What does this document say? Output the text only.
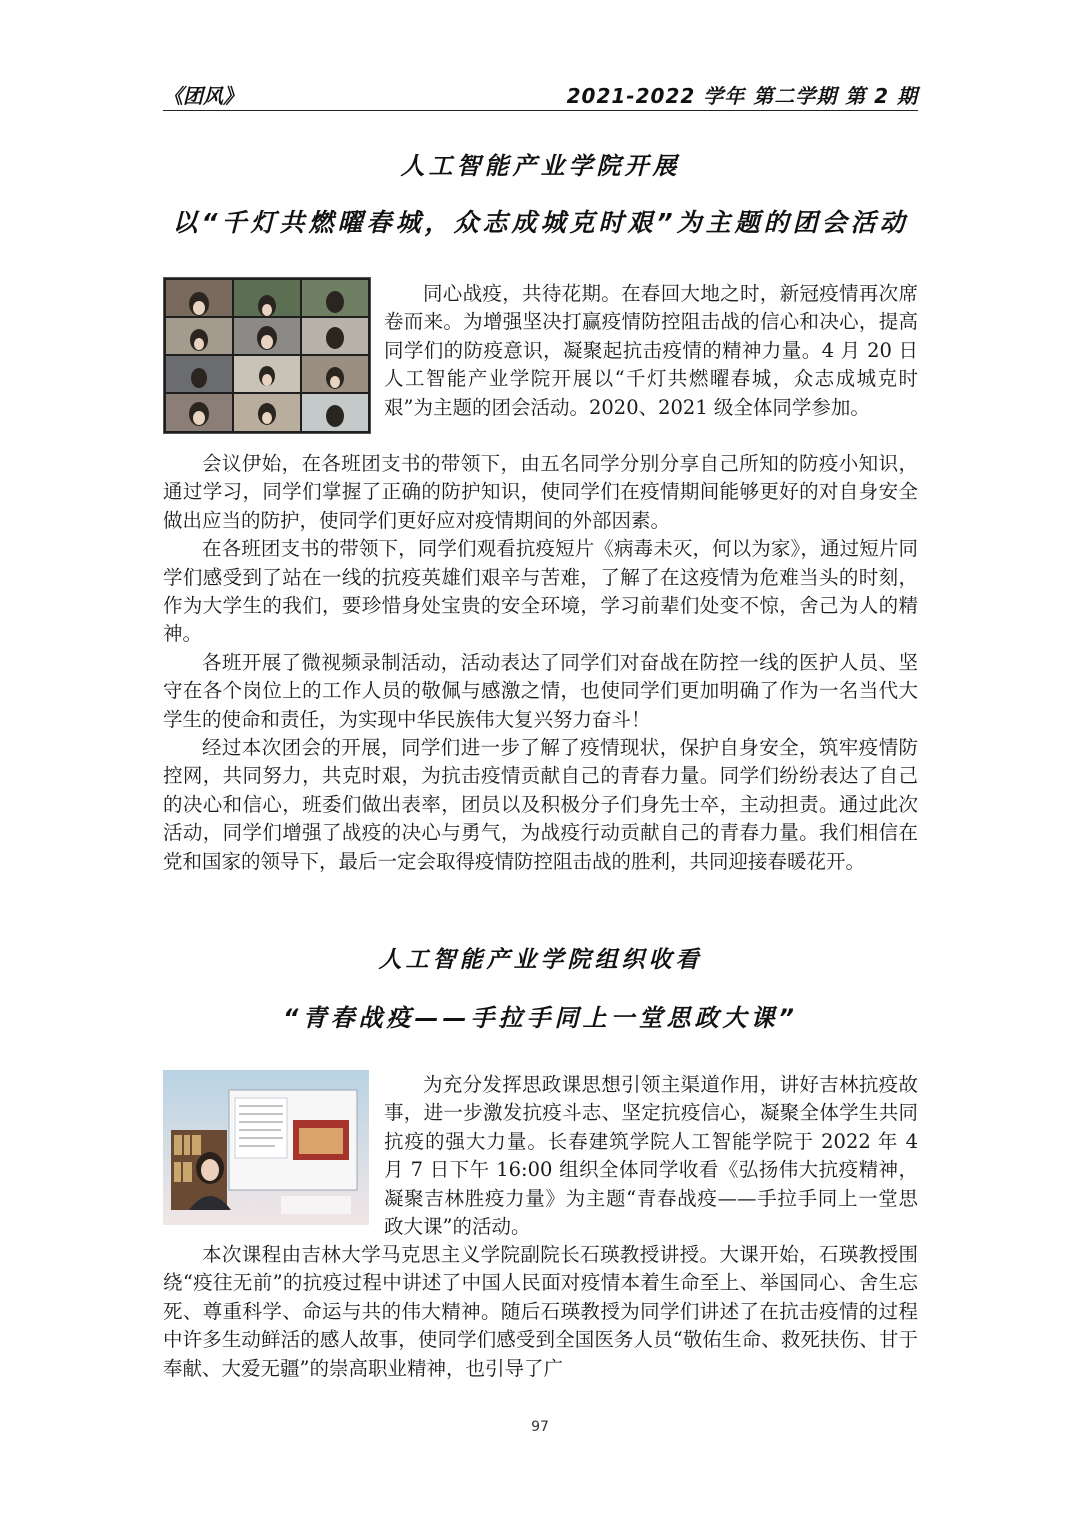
《团风》	2021-2022 学年 第二学期 第 2 期
人工智能产业学院开展
以“千灯共燃曜春城，众志成城克时艰”为主题的团会活动

同心战疫，共待花期。在春回大地之时，新冠疫情再次席卷而来。为增强坚决打赢疫情防控阻击战的信心和决心，提高同学们的防疫意识，凝聚起抗击疫情的精神力量。4 月 20 日人工智能产业学院开展以“千灯共燃曜春城，众志成城克时艰”为主题的团会活动。2020、2021 级全体同学参加。

会议伊始，在各班团支书的带领下，由五名同学分别分享自己所知的防疫小知识，通过学习，同学们掌握了正确的防护知识，使同学们在疫情期间能够更好的对自身安全做出应当的防护，使同学们更好应对疫情期间的外部因素。

在各班团支书的带领下，同学们观看抗疫短片《病毒未灭，何以为家》，通过短片同学们感受到了站在一线的抗疫英雄们艰辛与苦难，了解了在这疫情为危难当头的时刻，作为大学生的我们，要珍惜身处宝贵的安全环境，学习前辈们处变不惊，舍己为人的精神。

各班开展了微视频录制活动，活动表达了同学们对奋战在防控一线的医护人员、坚守在各个岗位上的工作人员的敬佩与感激之情，也使同学们更加明确了作为一名当代大学生的使命和责任，为实现中华民族伟大复兴努力奋斗！

经过本次团会的开展，同学们进一步了解了疫情现状，保护自身安全，筑牢疫情防控网，共同努力，共克时艰，为抗击疫情贡献自己的青春力量。同学们纷纷表达了自己的决心和信心，班委们做出表率，团员以及积极分子们身先士卒，主动担责。通过此次活动，同学们增强了战疫的决心与勇气，为战疫行动贡献自己的青春力量。我们相信在党和国家的领导下，最后一定会取得疫情防控阻击战的胜利，共同迎接春暖花开。

人工智能产业学院组织收看
“青春战疫——手拉手同上一堂思政大课”

为充分发挥思政课思想引领主渠道作用，讲好吉林抗疫故事，进一步激发抗疫斗志、坚定抗疫信心，凝聚全体学生共同抗疫的强大力量。长春建筑学院人工智能学院于 2022 年 4 月 7 日下午 16:00 组织全体同学收看《弘扬伟大抗疫精神，凝聚吉林胜疫力量》为主题“青春战疫——手拉手同上一堂思政大课”的活动。

本次课程由吉林大学马克思主义学院副院长石瑛教授讲授。大课开始，石瑛教授围绕“疫往无前”的抗疫过程中讲述了中国人民面对疫情本着生命至上、举国同心、舍生忘死、尊重科学、命运与共的伟大精神。随后石瑛教授为同学们讲述了在抗击疫情的过程中许多生动鲜活的感人故事，使同学们感受到全国医务人员“敬佑生命、救死扶伤、甘于奉献、大爱无疆”的崇高职业精神，也引导了广

97
